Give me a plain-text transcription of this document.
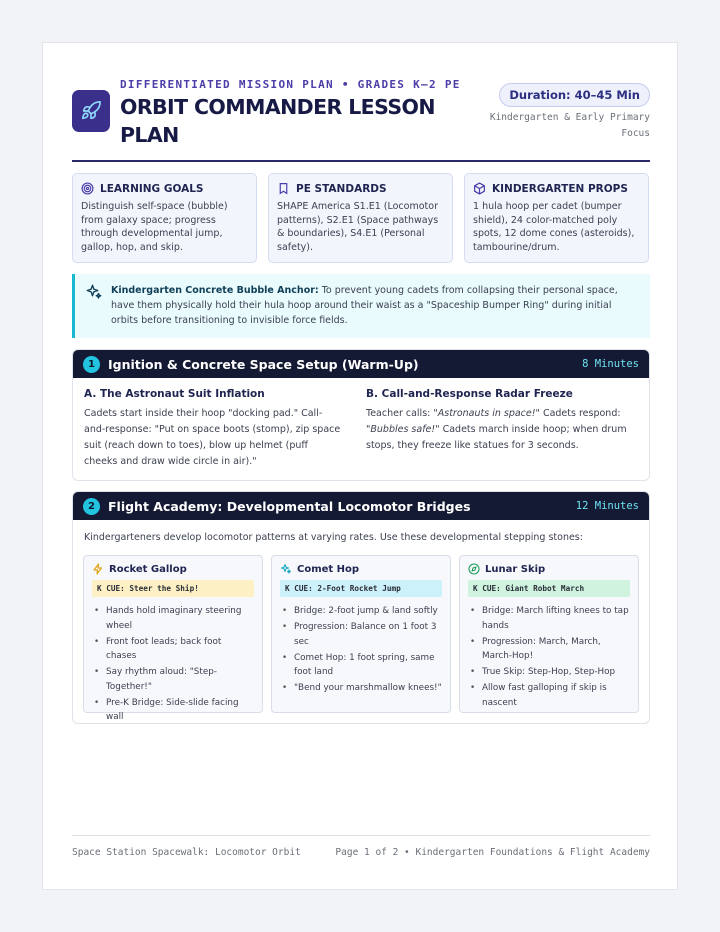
DIFFERENTIATED MISSION PLAN • GRADES K–2 PE
ORBIT COMMANDER LESSON PLAN
Duration: 40–45 Min
Kindergarten & Early Primary Focus
LEARNING GOALS
Distinguish self-space (bubble) from galaxy space; progress through developmental jump, gallop, hop, and skip.
PE STANDARDS
SHAPE America S1.E1 (Locomotor patterns), S2.E1 (Space pathways & boundaries), S4.E1 (Personal safety).
KINDERGARTEN PROPS
1 hula hoop per cadet (bumper shield), 24 color-matched poly spots, 12 dome cones (asteroids), tambourine/drum.
Kindergarten Concrete Bubble Anchor: To prevent young cadets from collapsing their personal space, have them physically hold their hula hoop around their waist as a "Spaceship Bumper Ring" during initial orbits before transitioning to invisible force fields.
1	Ignition & Concrete Space Setup (Warm-Up)	8 Minutes
A. The Astronaut Suit Inflation
Cadets start inside their hoop "docking pad." Call-and-response: "Put on space boots (stomp), zip space suit (reach down to toes), blow up helmet (puff cheeks and draw wide circle in air)."
B. Call-and-Response Radar Freeze
Teacher calls: "Astronauts in space!" Cadets respond: "Bubbles safe!" Cadets march inside hoop; when drum stops, they freeze like statues for 3 seconds.
2	Flight Academy: Developmental Locomotor Bridges	12 Minutes
Kindergarteners develop locomotor patterns at varying rates. Use these developmental stepping stones:
Rocket Gallop
K CUE: Steer the Ship!
• Hands hold imaginary steering wheel
• Front foot leads; back foot chases
• Say rhythm aloud: "Step-Together!"
• Pre-K Bridge: Side-slide facing wall
Comet Hop
K CUE: 2-Foot Rocket Jump
• Bridge: 2-foot jump & land softly
• Progression: Balance on 1 foot 3 sec
• Comet Hop: 1 foot spring, same foot land
• "Bend your marshmallow knees!"
Lunar Skip
K CUE: Giant Robot March
• Bridge: March lifting knees to tap hands
• Progression: March, March, March-Hop!
• True Skip: Step-Hop, Step-Hop
• Allow fast galloping if skip is nascent
Space Station Spacewalk: Locomotor Orbit	Page 1 of 2 • Kindergarten Foundations & Flight Academy
